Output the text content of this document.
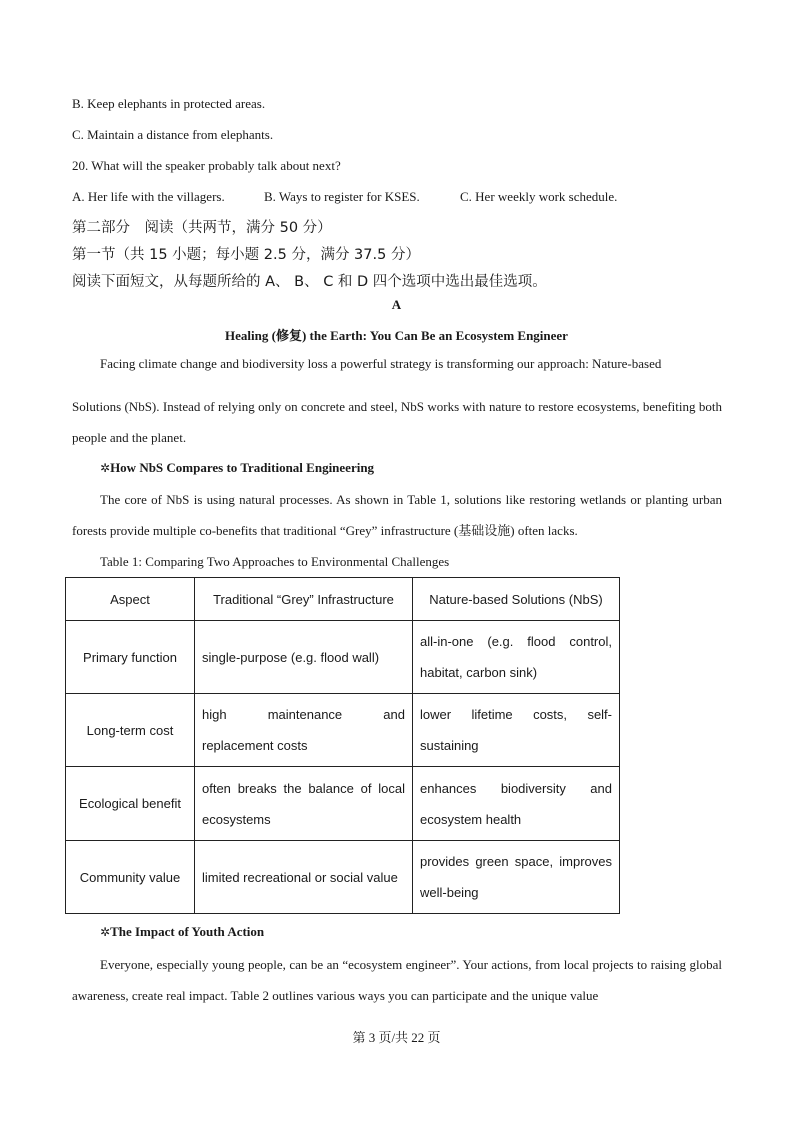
B. Keep elephants in protected areas.
C. Maintain a distance from elephants.
20. What will the speaker probably talk about next?
A. Her life with the villagers.	B. Ways to register for KSES.	C. Her weekly work schedule.
第二部分　阅读（共两节，满分 50 分）
第一节（共 15 小题；每小题 2.5 分，满分 37.5 分）
阅读下面短文，从每题所给的 A、 B、 C 和 D 四个选项中选出最佳选项。
A
Healing (修复) the Earth: You Can Be an Ecosystem Engineer
Facing climate change and biodiversity loss a powerful strategy is transforming our approach: Nature-based
Solutions (NbS). Instead of relying only on concrete and steel, NbS works with nature to restore ecosystems, benefiting both people and the planet.
✲How NbS Compares to Traditional Engineering
The core of NbS is using natural processes. As shown in Table 1, solutions like restoring wetlands or planting urban forests provide multiple co-benefits that traditional “Grey” infrastructure (基础设施) often lacks.
Table 1: Comparing Two Approaches to Environmental Challenges
Aspect	Traditional “Grey” Infrastructure	Nature-based Solutions (NbS)
Primary function	single-purpose (e.g. flood wall)	all-in-one (e.g. flood control, habitat, carbon sink)
Long-term cost	high maintenance and replacement costs	lower lifetime costs, self-sustaining
Ecological benefit	often breaks the balance of local ecosystems	enhances biodiversity and ecosystem health
Community value	limited recreational or social value	provides green space, improves well-being
✲The Impact of Youth Action
Everyone, especially young people, can be an “ecosystem engineer”. Your actions, from local projects to raising global awareness, create real impact. Table 2 outlines various ways you can participate and the unique value
第 3 页/共 22 页
